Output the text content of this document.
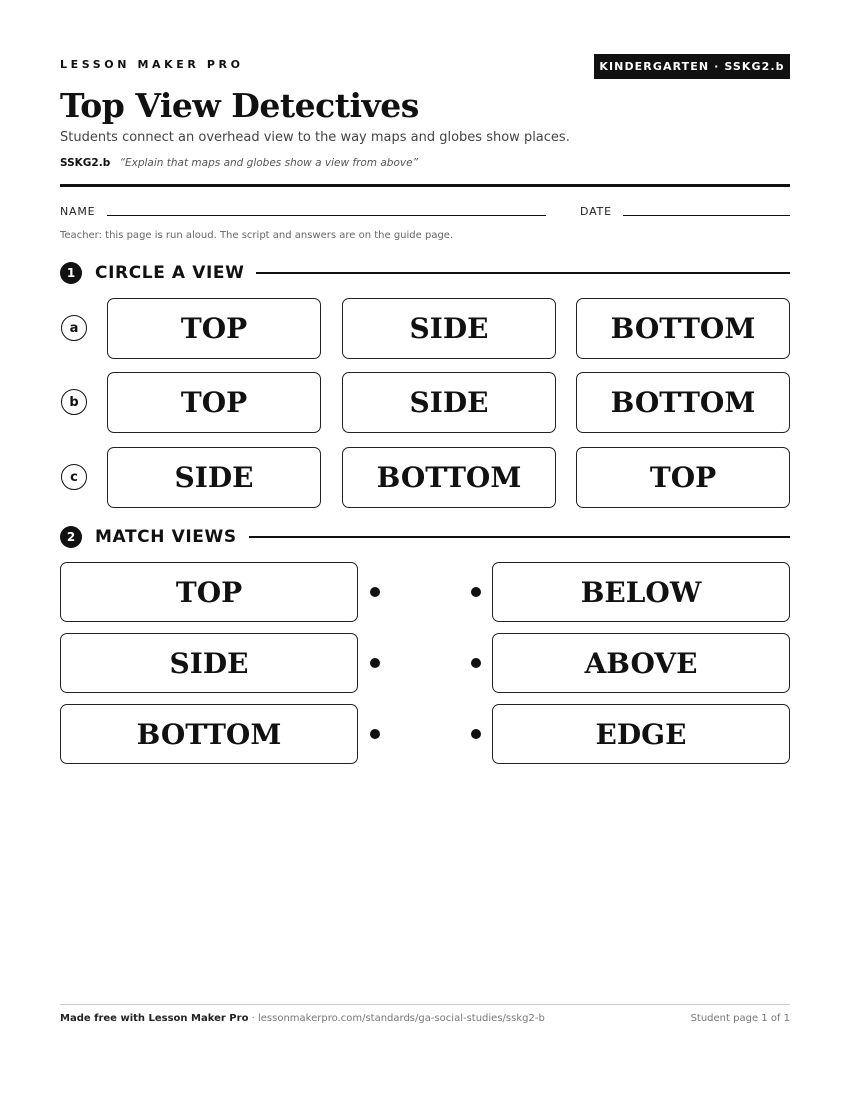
LESSON MAKER PRO	KINDERGARTEN · SSKG2.b
Top View Detectives
Students connect an overhead view to the way maps and globes show places.
SSKG2.b “Explain that maps and globes show a view from above”
NAME	DATE
Teacher: this page is run aloud. The script and answers are on the guide page.
1	CIRCLE A VIEW
a	TOP	SIDE	BOTTOM
b	TOP	SIDE	BOTTOM
c	SIDE	BOTTOM	TOP
2	MATCH VIEWS
TOP	BELOW
SIDE	ABOVE
BOTTOM	EDGE
Made free with Lesson Maker Pro · lessonmakerpro.com/standards/ga-social-studies/sskg2-b	Student page 1 of 1
